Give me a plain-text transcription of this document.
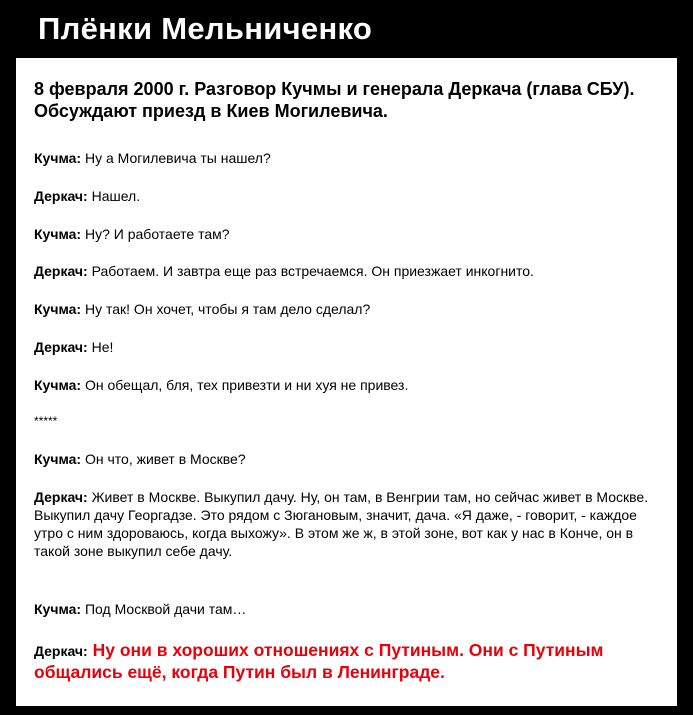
Плёнки Мельниченко
8 февраля 2000 г. Разговор Кучмы и генерала Деркача (глава СБУ). Обсуждают приезд в Киев Могилевича.
Кучма: Ну а Могилевича ты нашел?
Деркач: Нашел.
Кучма: Ну? И работаете там?
Деркач: Работаем. И завтра еще раз встречаемся. Он приезжает инкогнито.
Кучма: Ну так! Он хочет, чтобы я там дело сделал?
Деркач: Не!
Кучма: Он обещал, бля, тех привезти и ни хуя не привез.
*****
Кучма: Он что, живет в Москве?
Деркач: Живет в Москве. Выкупил дачу. Ну, он там, в Венгрии там, но сейчас живет в Москве. Выкупил дачу Георгадзе. Это рядом с Зюгановым, значит, дача. «Я даже, - говорит, - каждое утро с ним здороваюсь, когда выхожу». В этом же ж, в этой зоне, вот как у нас в Конче, он в такой зоне выкупил себе дачу.
Кучма: Под Москвой дачи там…
Деркач: Ну они в хороших отношениях с Путиным. Они с Путиным общались ещё, когда Путин был в Ленинграде.
